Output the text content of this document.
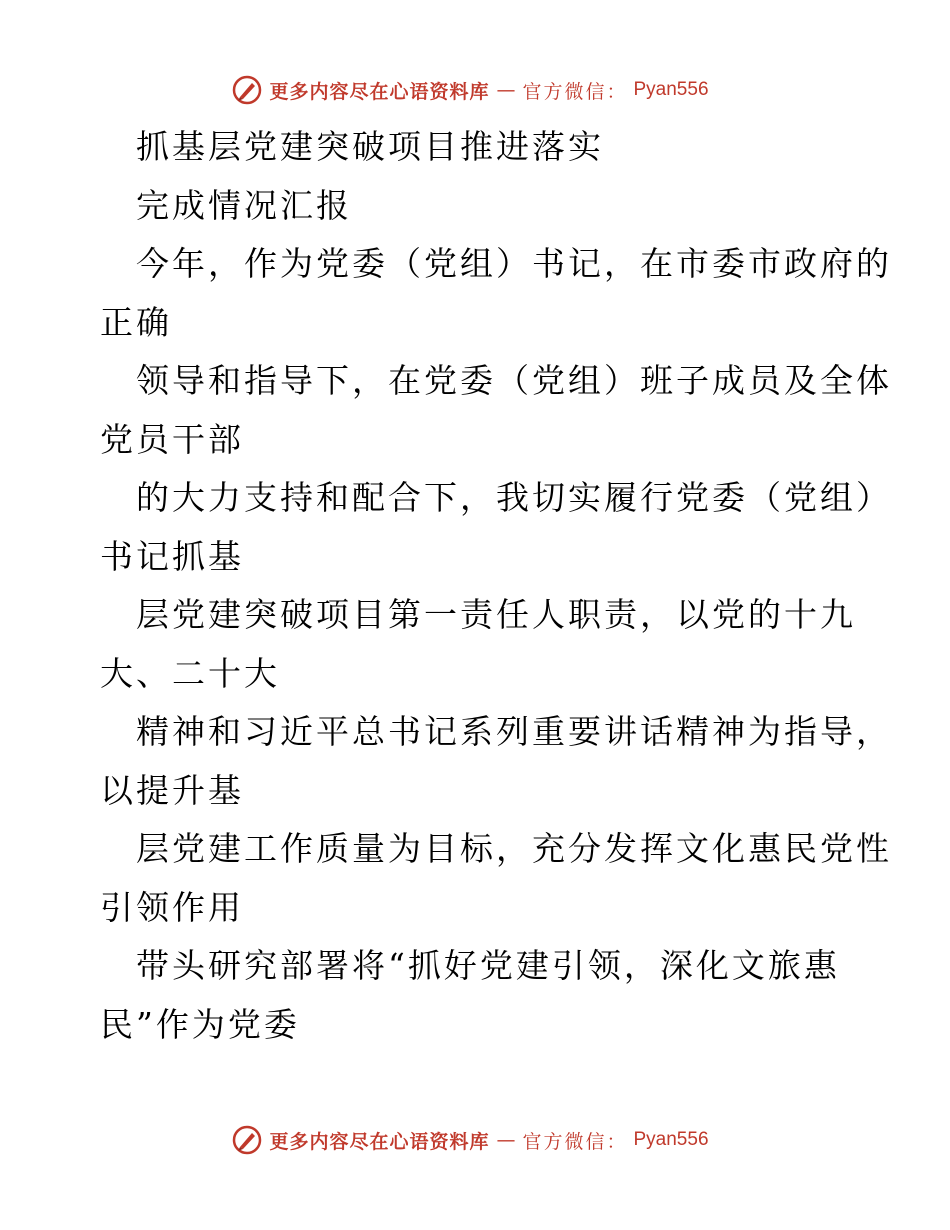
更多内容尽在心语资料库 — 官方微信： Pyan556
抓基层党建突破项目推进落实
完成情况汇报
今年，作为党委（党组）书记，在市委市政府的
正确
领导和指导下，在党委（党组）班子成员及全体
党员干部
的大力支持和配合下，我切实履行党委（党组）
书记抓基
层党建突破项目第一责任人职责，以党的十九
大、二十大
精神和习近平总书记系列重要讲话精神为指导，
以提升基
层党建工作质量为目标，充分发挥文化惠民党性
引领作用
带头研究部署将“抓好党建引领，深化文旅惠
民”作为党委
更多内容尽在心语资料库 — 官方微信： Pyan556
